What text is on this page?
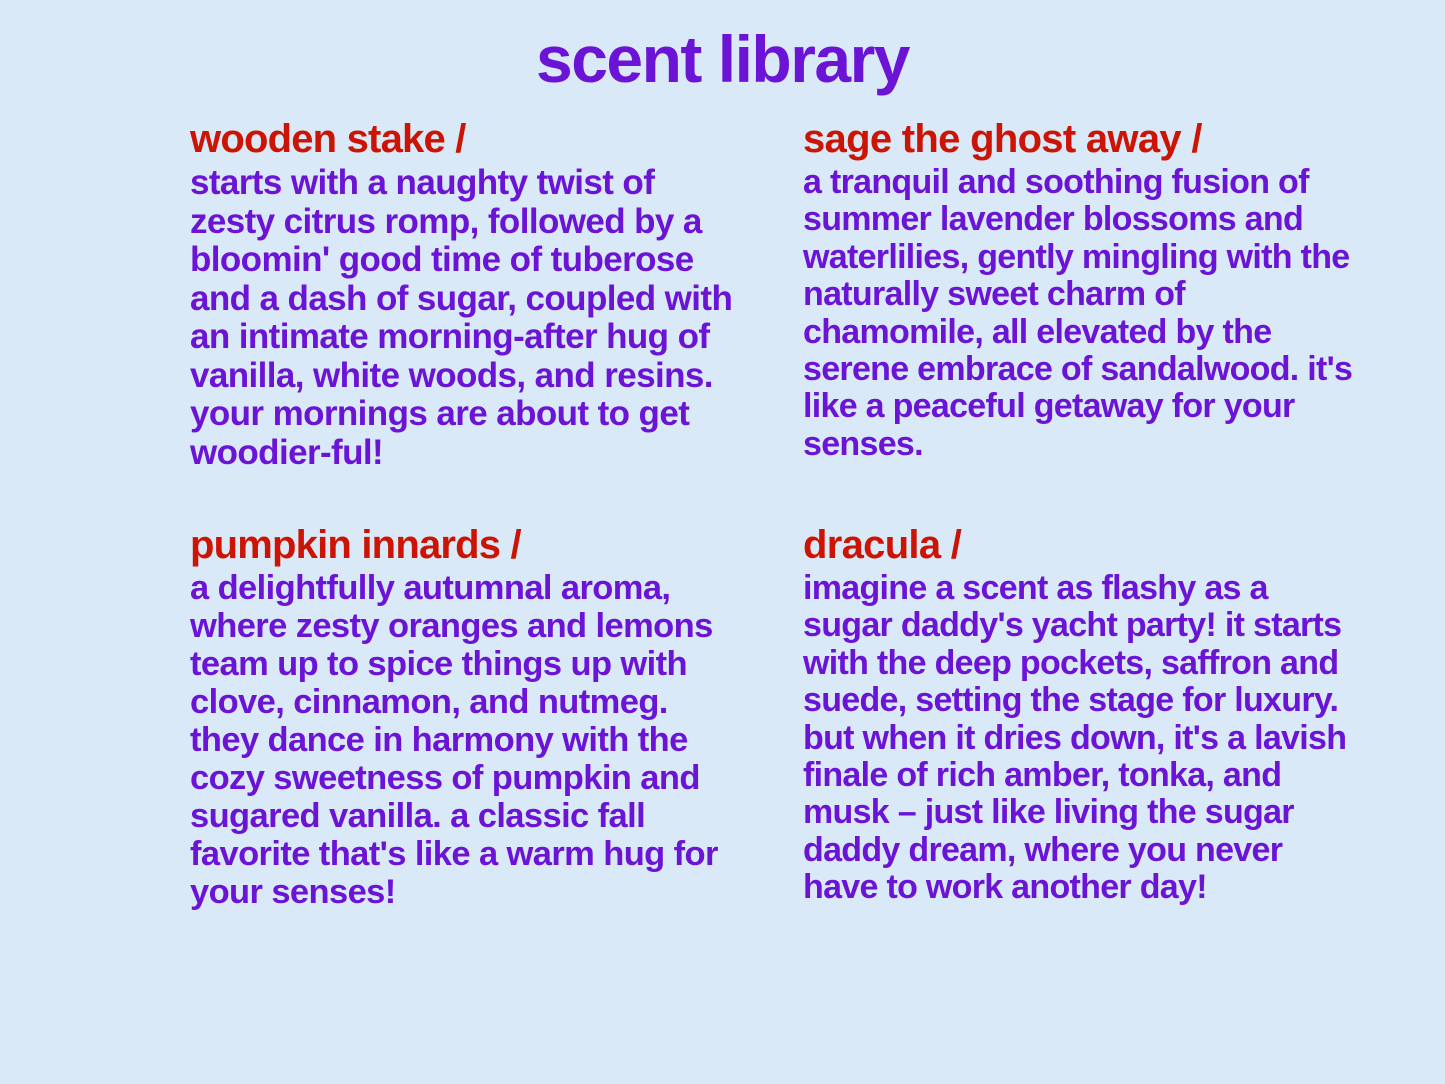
scent library
wooden stake /
starts with a naughty twist of zesty citrus romp, followed by a bloomin' good time of tuberose and a dash of sugar, coupled with an intimate morning-after hug of vanilla, white woods, and resins. your mornings are about to get woodier-ful!
sage the ghost away /
a tranquil and soothing fusion of summer lavender blossoms and waterlilies, gently mingling with the naturally sweet charm of chamomile, all elevated by the serene embrace of sandalwood. it's like a peaceful getaway for your senses.
pumpkin innards /
a delightfully autumnal aroma, where zesty oranges and lemons team up to spice things up with clove, cinnamon, and nutmeg. they dance in harmony with the cozy sweetness of pumpkin and sugared vanilla. a classic fall favorite that's like a warm hug for your senses!
dracula /
imagine a scent as flashy as a sugar daddy's yacht party! it starts with the deep pockets, saffron and suede, setting the stage for luxury. but when it dries down, it's a lavish finale of rich amber, tonka, and musk – just like living the sugar daddy dream, where you never have to work another day!
